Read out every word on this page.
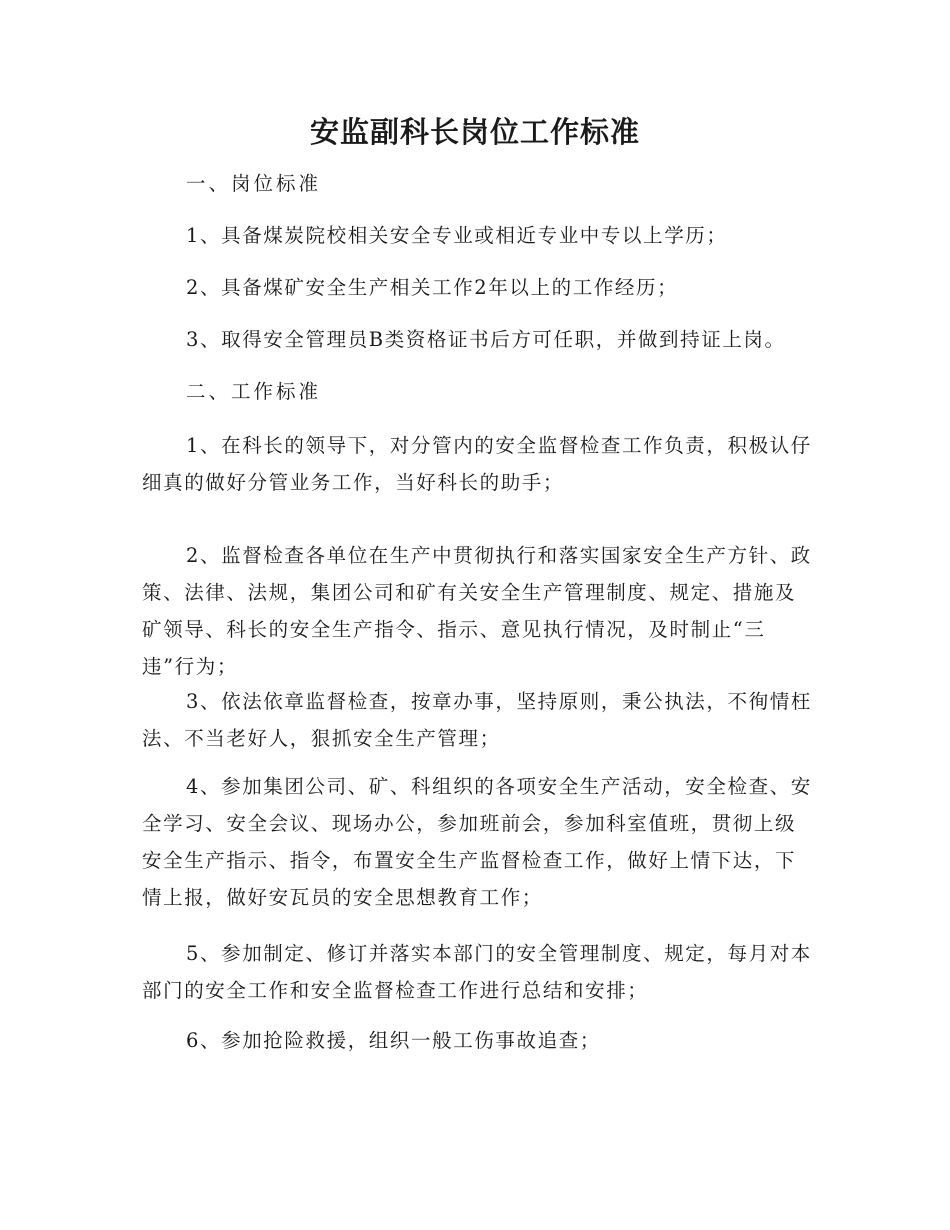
安监副科长岗位工作标准

一、岗位标准

1、具备煤炭院校相关安全专业或相近专业中专以上学历；

2、具备煤矿安全生产相关工作2年以上的工作经历；

3、取得安全管理员B类资格证书后方可任职，并做到持证上岗。

二、工作标准

1、在科长的领导下，对分管内的安全监督检查工作负责，积极认仔细真的做好分管业务工作，当好科长的助手；

2、监督检查各单位在生产中贯彻执行和落实国家安全生产方针、政策、法律、法规，集团公司和矿有关安全生产管理制度、规定、措施及矿领导、科长的安全生产指令、指示、意见执行情况，及时制止“三违”行为；

3、依法依章监督检查，按章办事，坚持原则，秉公执法，不徇情枉法、不当老好人，狠抓安全生产管理；

4、参加集团公司、矿、科组织的各项安全生产活动，安全检查、安全学习、安全会议、现场办公，参加班前会，参加科室值班，贯彻上级安全生产指示、指令，布置安全生产监督检查工作，做好上情下达，下情上报，做好安瓦员的安全思想教育工作；

5、参加制定、修订并落实本部门的安全管理制度、规定，每月对本部门的安全工作和安全监督检查工作进行总结和安排；

6、参加抢险救援，组织一般工伤事故追查；
